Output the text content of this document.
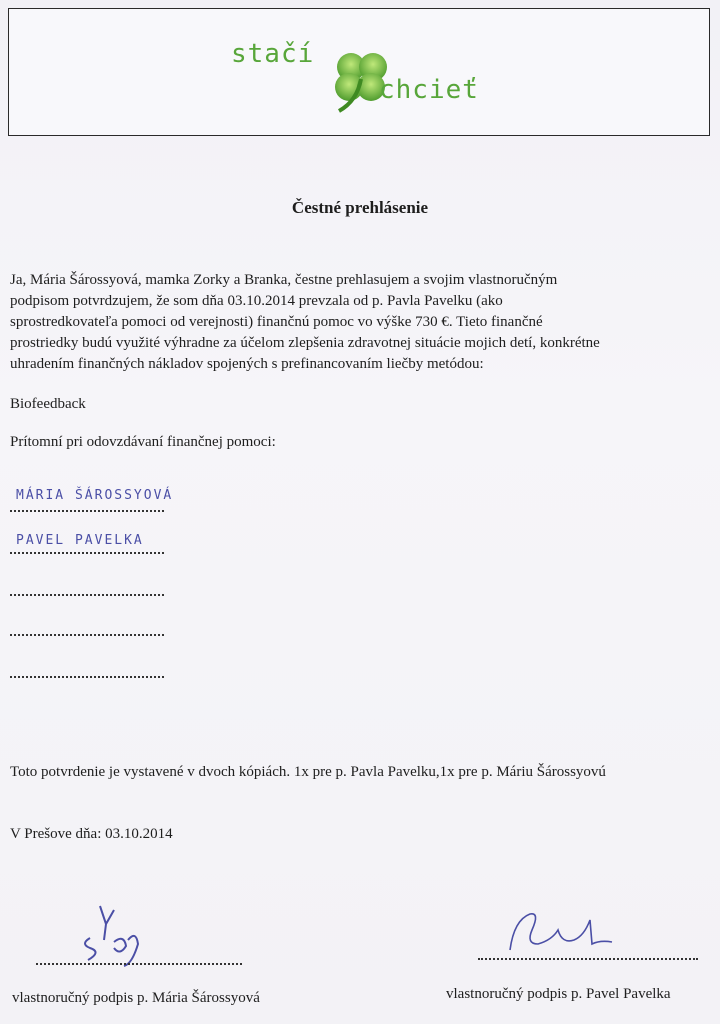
stačí
chcieť
Čestné prehlásenie
Ja, Mária Šárossyová, mamka Zorky a Branka, čestne prehlasujem a svojim vlastnoručným
podpisom potvrdzujem, že som dňa 03.10.2014 prevzala od p. Pavla Pavelku (ako
sprostredkovateľa pomoci od verejnosti) finančnú pomoc vo výške 730 €. Tieto finančné
prostriedky budú využité výhradne za účelom zlepšenia zdravotnej situácie mojich detí, konkrétne
uhradením finančných nákladov spojených s prefinancovaním liečby metódou:
Biofeedback
Prítomní pri odovzdávaní finančnej pomoci:
MÁRIA ŠÁROSSYOVÁ
PAVEL PAVELKA
Toto potvrdenie je vystavené v dvoch kópiách. 1x pre p. Pavla Pavelku,1x pre p. Máriu Šárossyovú
V Prešove dňa: 03.10.2014
vlastnoručný podpis p. Mária Šárossyová	vlastnoručný podpis p. Pavel Pavelka
